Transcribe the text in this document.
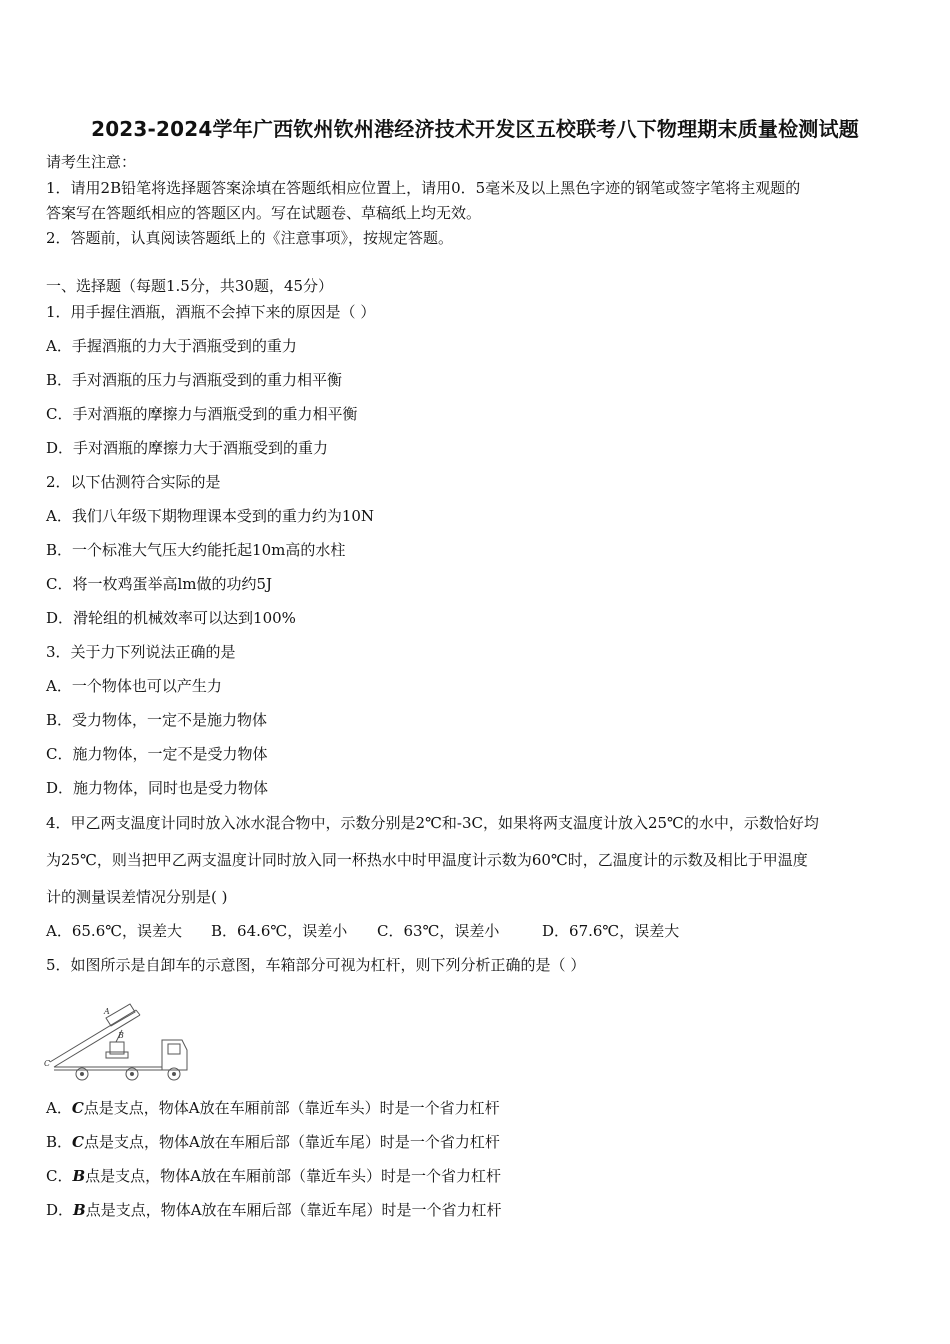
2023-2024学年广西钦州钦州港经济技术开发区五校联考八下物理期末质量检测试题
请考生注意：
1．请用2B铅笔将选择题答案涂填在答题纸相应位置上，请用0．5毫米及以上黑色字迹的钢笔或签字笔将主观题的
答案写在答题纸相应的答题区内。写在试题卷、草稿纸上均无效。
2．答题前，认真阅读答题纸上的《注意事项》，按规定答题。
一、选择题（每题1.5分，共30题，45分）
1．用手握住酒瓶，酒瓶不会掉下来的原因是（ ）
A．手握酒瓶的力大于酒瓶受到的重力
B．手对酒瓶的压力与酒瓶受到的重力相平衡
C．手对酒瓶的摩擦力与酒瓶受到的重力相平衡
D．手对酒瓶的摩擦力大于酒瓶受到的重力
2．以下估测符合实际的是
A．我们八年级下期物理课本受到的重力约为10N
B．一个标准大气压大约能托起10m高的水柱
C．将一枚鸡蛋举高lm做的功约5J
D．滑轮组的机械效率可以达到100%
3．关于力下列说法正确的是
A．一个物体也可以产生力
B．受力物体，一定不是施力物体
C．施力物体，一定不是受力物体
D．施力物体，同时也是受力物体
4．甲乙两支温度计同时放入冰水混合物中，示数分别是2℃和-3C，如果将两支温度计放入25℃的水中，示数恰好均
为25℃，则当把甲乙两支温度计同时放入同一杯热水中时甲温度计示数为60℃时，乙温度计的示数及相比于甲温度
计的测量误差情况分别是( )
A．65.6℃，误差大 B．64.6℃，误差小 C．63℃，误差小	D．67.6℃，误差大
5．如图所示是自卸车的示意图，车箱部分可视为杠杆，则下列分析正确的是（ ）
A
B
C
A．C点是支点，物体A放在车厢前部（靠近车头）时是一个省力杠杆
B．C点是支点，物体A放在车厢后部（靠近车尾）时是一个省力杠杆
C．B点是支点，物体A放在车厢前部（靠近车头）时是一个省力杠杆
D．B点是支点，物体A放在车厢后部（靠近车尾）时是一个省力杠杆
